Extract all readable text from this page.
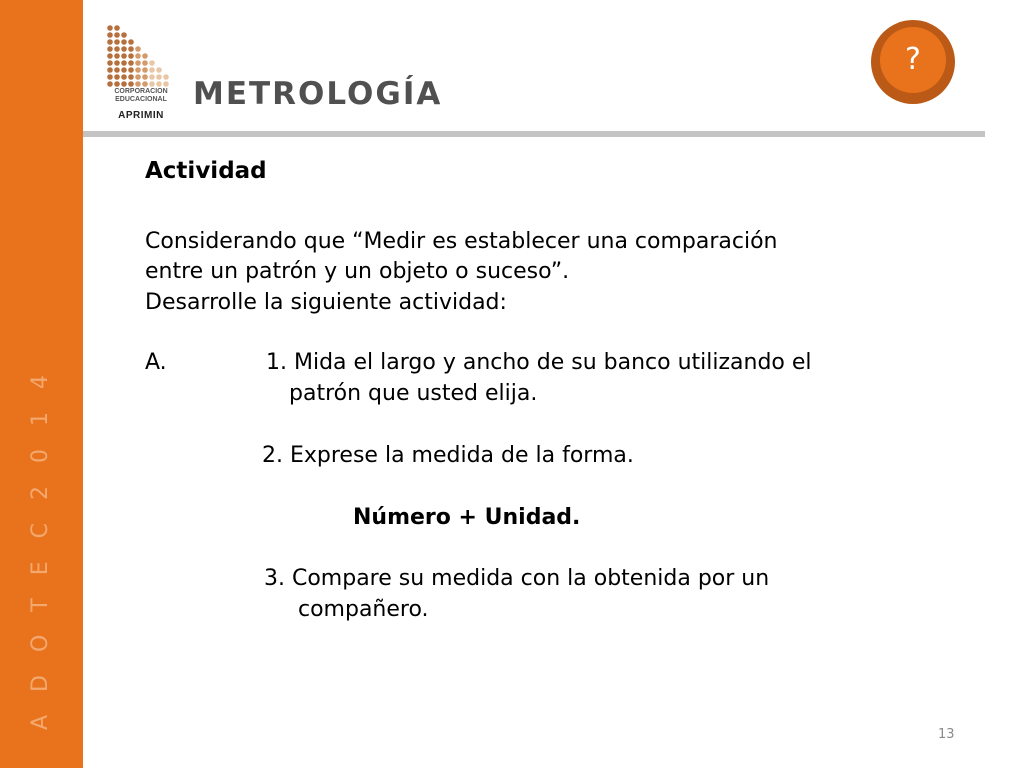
A D O T E C 2 0 1 4
CORPORACION
EDUCACIONAL
APRIMIN
METROLOGÍA
?
Actividad
Considerando que “Medir es establecer una comparación
entre un patrón y un objeto o suceso”.
Desarrolle la siguiente actividad:
A.	1. Mida el largo y ancho de su banco utilizando el
patrón que usted elija.
2. Exprese la medida de la forma.
Número + Unidad.
3. Compare su medida con la obtenida por un
compañero.
13
